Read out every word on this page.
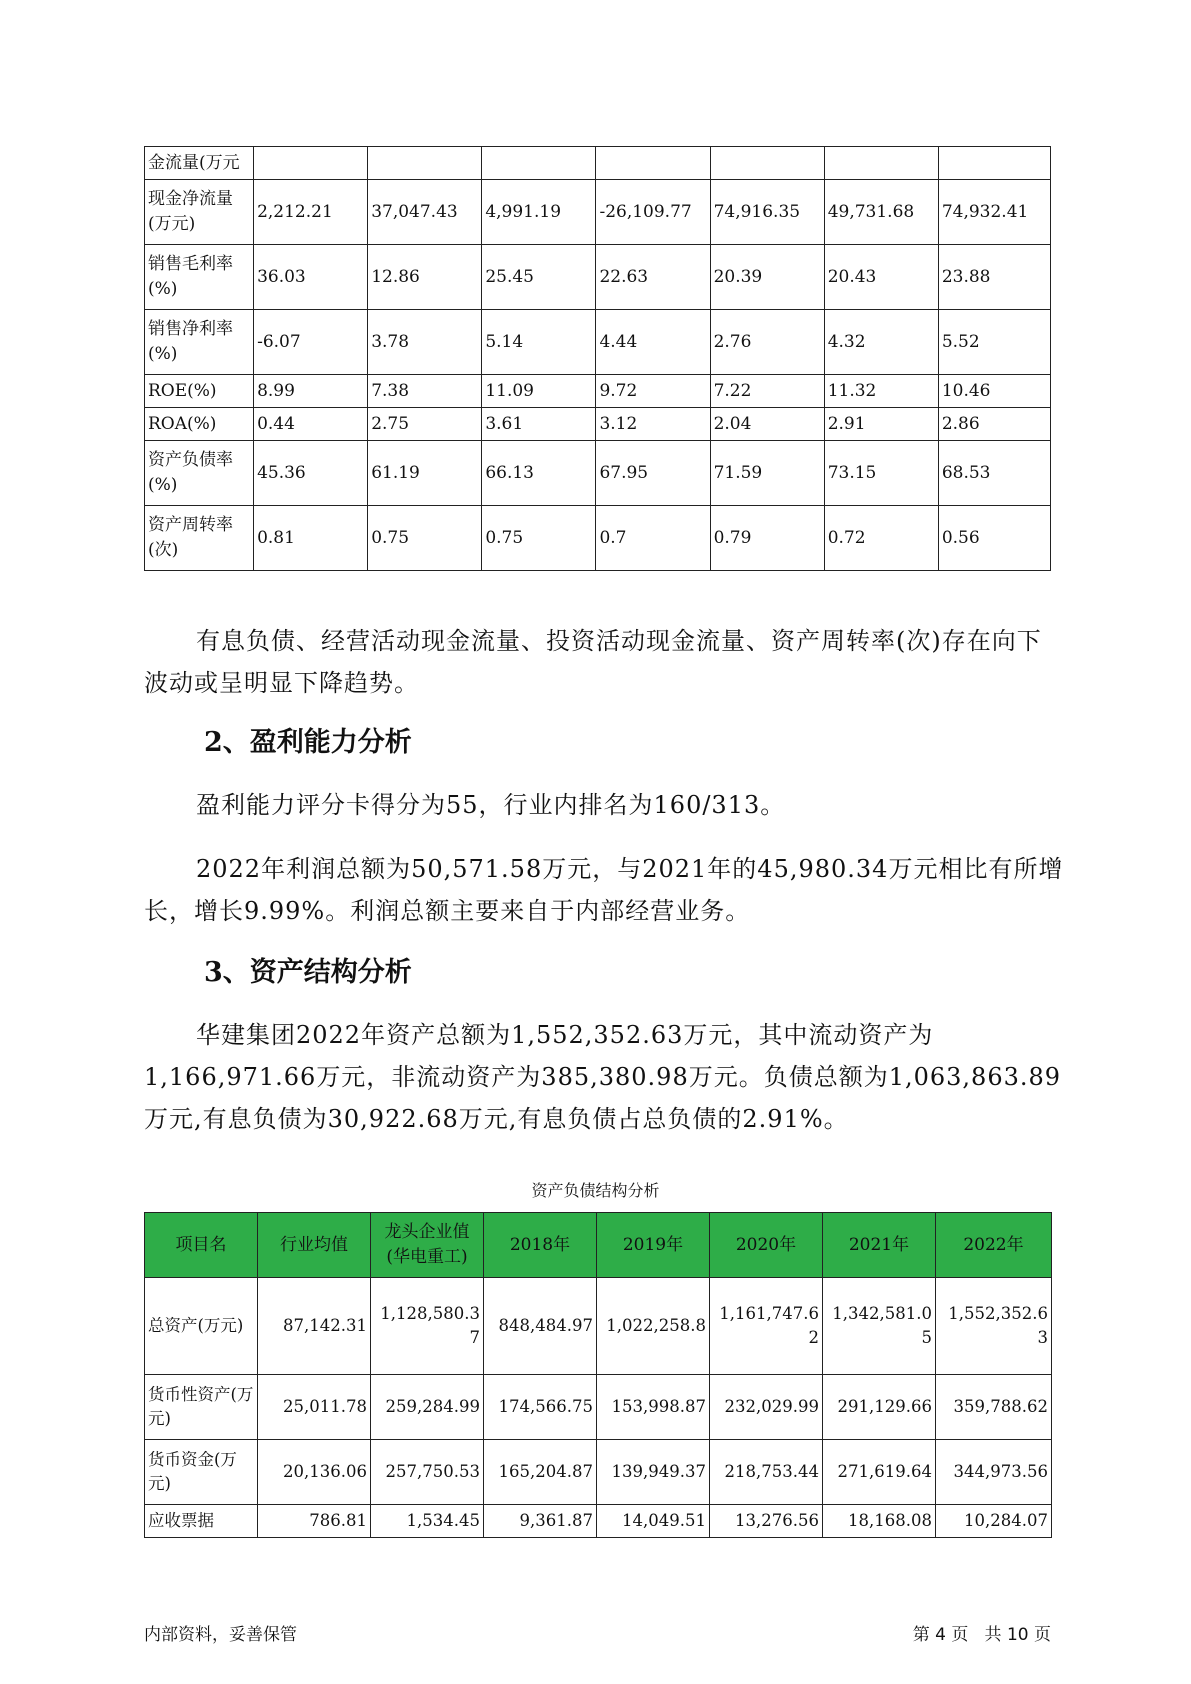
金流量(万元							
现金净流量(万元)	2,212.21	37,047.43	4,991.19	-26,109.77	74,916.35	49,731.68	74,932.41
销售毛利率(%)	36.03	12.86	25.45	22.63	20.39	20.43	23.88
销售净利率(%)	-6.07	3.78	5.14	4.44	2.76	4.32	5.52
ROE(%)	8.99	7.38	11.09	9.72	7.22	11.32	10.46
ROA(%)	0.44	2.75	3.61	3.12	2.04	2.91	2.86
资产负债率(%)	45.36	61.19	66.13	67.95	71.59	73.15	68.53
资产周转率(次)	0.81	0.75	0.75	0.7	0.79	0.72	0.56
有息负债、经营活动现金流量、投资活动现金流量、资产周转率(次)存在向下波动或呈明显下降趋势。
2、盈利能力分析
盈利能力评分卡得分为55，行业内排名为160/313。
2022年利润总额为50,571.58万元，与2021年的45,980.34万元相比有所增长，增长9.99%。利润总额主要来自于内部经营业务。
3、资产结构分析
华建集团2022年资产总额为1,552,352.63万元，其中流动资产为1,166,971.66万元，非流动资产为385,380.98万元。负债总额为1,063,863.89万元,有息负债为30,922.68万元,有息负债占总负债的2.91%。
资产负债结构分析
项目名	行业均值	龙头企业值(华电重工)	2018年	2019年	2020年	2021年	2022年
总资产(万元)	87,142.31	1,128,580.37	848,484.97	1,022,258.8	1,161,747.62	1,342,581.05	1,552,352.63
货币性资产(万元)	25,011.78	259,284.99	174,566.75	153,998.87	232,029.99	291,129.66	359,788.62
货币资金(万元)	20,136.06	257,750.53	165,204.87	139,949.37	218,753.44	271,619.64	344,973.56
应收票据	786.81	1,534.45	9,361.87	14,049.51	13,276.56	18,168.08	10,284.07
内部资料，妥善保管	第 4 页   共 10 页
